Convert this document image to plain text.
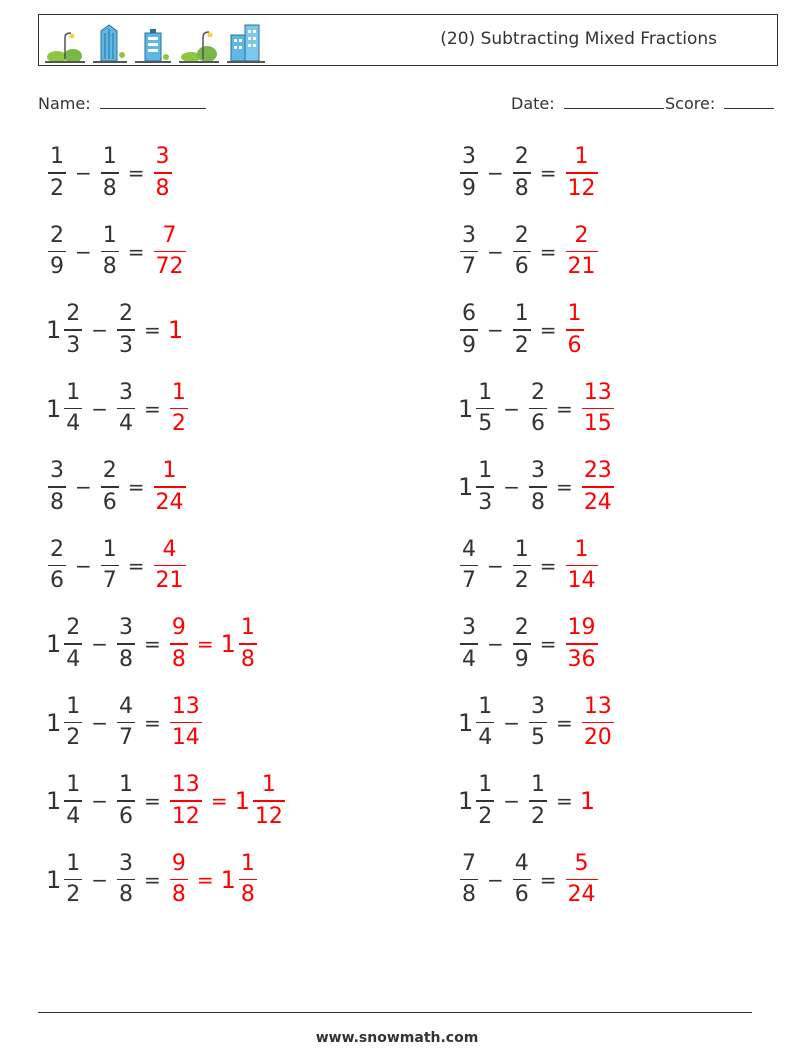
(20) Subtracting Mixed Fractions
Name:	Date:	Score:
$\frac{1}{2} - \frac{1}{8} = \frac{3}{8}$	$\frac{3}{9} - \frac{2}{8} = \frac{1}{12}$
$\frac{2}{9} - \frac{1}{8} = \frac{7}{72}$	$\frac{3}{7} - \frac{2}{6} = \frac{2}{21}$
$1 \frac{2}{3} - \frac{2}{3} = 1$	$\frac{6}{9} - \frac{1}{2} = \frac{1}{6}$
$1 \frac{1}{4} - \frac{3}{4} = \frac{1}{2}$	$1 \frac{1}{5} - \frac{2}{6} = \frac{13}{15}$
$\frac{3}{8} - \frac{2}{6} = \frac{1}{24}$	$1 \frac{1}{3} - \frac{3}{8} = \frac{23}{24}$
$\frac{2}{6} - \frac{1}{7} = \frac{4}{21}$	$\frac{4}{7} - \frac{1}{2} = \frac{1}{14}$
$1 \frac{2}{4} - \frac{3}{8} = \frac{9}{8} = 1 \frac{1}{8}$	$\frac{3}{4} - \frac{2}{9} = \frac{19}{36}$
$1 \frac{1}{2} - \frac{4}{7} = \frac{13}{14}$	$1 \frac{1}{4} - \frac{3}{5} = \frac{13}{20}$
$1 \frac{1}{4} - \frac{1}{6} = \frac{13}{12} = 1 \frac{1}{12}$	$1 \frac{1}{2} - \frac{1}{2} = 1$
$1 \frac{1}{2} - \frac{3}{8} = \frac{9}{8} = 1 \frac{1}{8}$	$\frac{7}{8} - \frac{4}{6} = \frac{5}{24}$
www.snowmath.com
